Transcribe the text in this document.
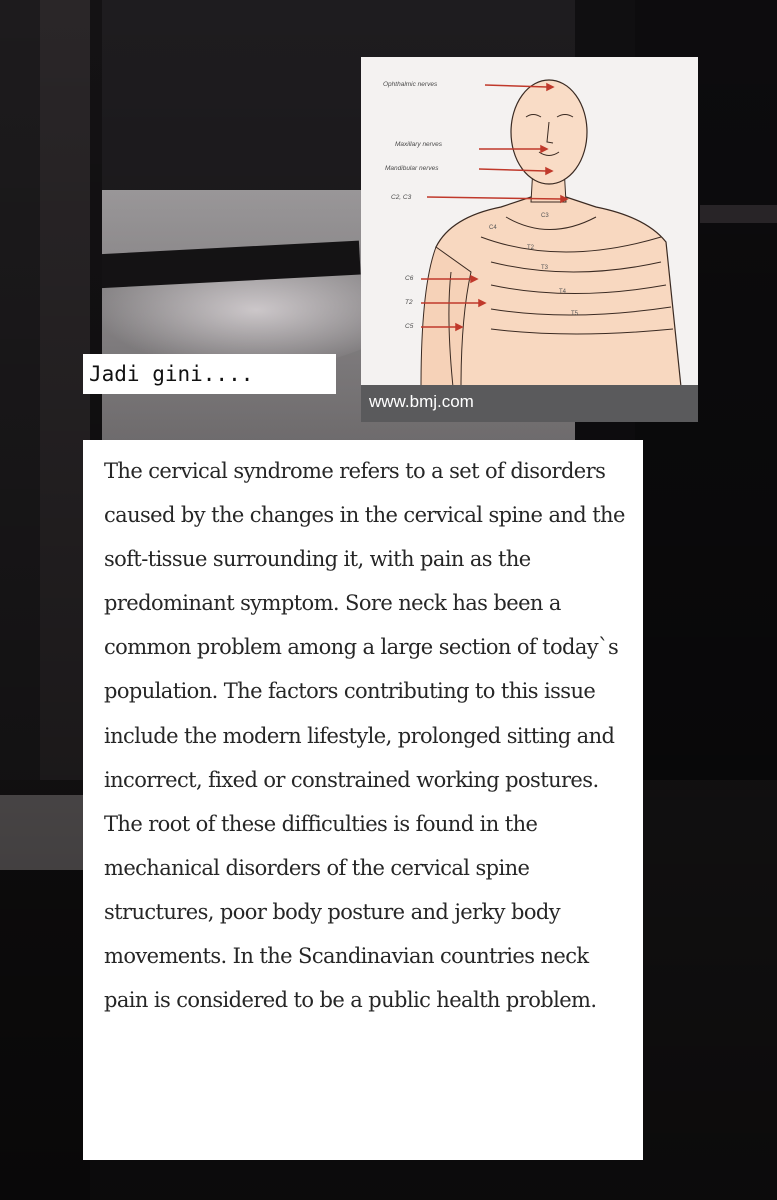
Ophthalmic nerves
Maxillary nerves
Mandibular nerves
C2, C3
C6
T2
C5
C3
C4
T2
T3
T4
T5
www.bmj.com
Jadi gini....

The cervical syndrome refers to a set of disorders caused by the changes in the cervical spine and the soft-tissue surrounding it, with pain as the predominant symptom. Sore neck has been a common problem among a large section of today`s population. The factors contributing to this issue include the modern lifestyle, prolonged sitting and incorrect, fixed or constrained working postures. The root of these difficulties is found in the mechanical disorders of the cervical spine structures, poor body posture and jerky body movements. In the Scandinavian countries neck pain is considered to be a public health problem.
